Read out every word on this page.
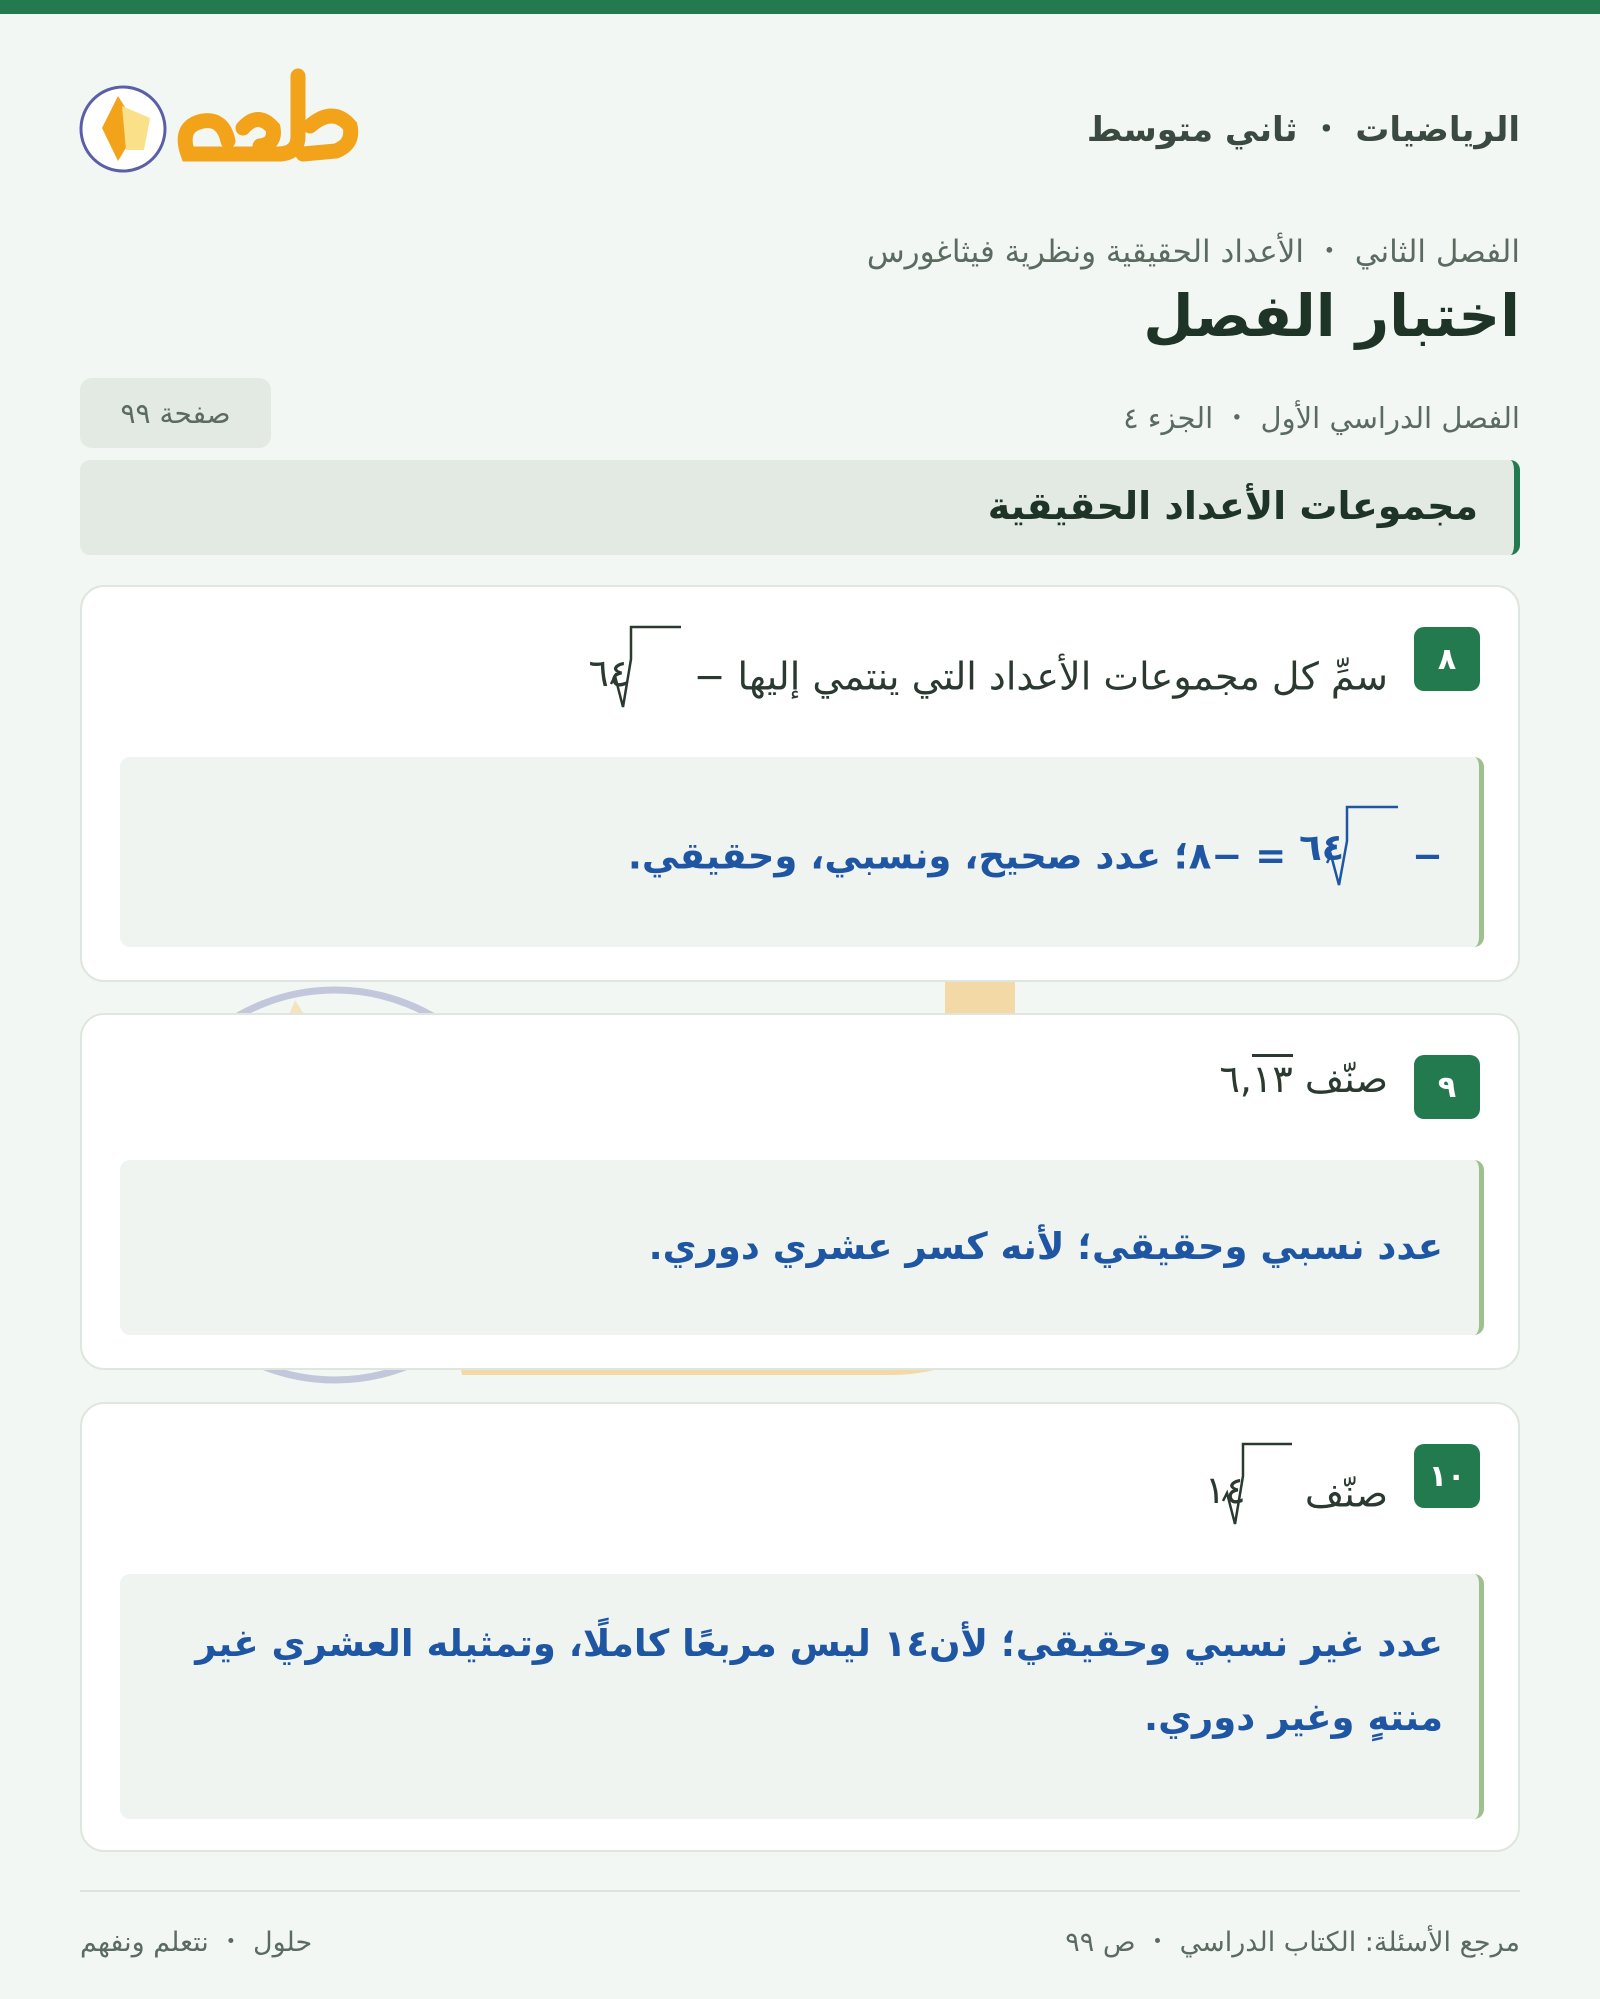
الرياضيات ・ ثاني متوسط
الفصل الثاني ・ الأعداد الحقيقية ونظرية فيثاغورس
اختبار الفصل
الفصل الدراسي الأول ・ الجزء ٤
صفحة ٩٩
مجموعات الأعداد الحقيقية
٨
سمِّ كل مجموعات الأعداد التي ينتمي إليها −
٦٤
−
٦٤
= −٨؛ عدد صحيح، ونسبي، وحقيقي.
٩
صنّف ٦,١٣
عدد نسبي وحقيقي؛ لأنه كسر عشري دوري.
١٠
صنّف
١٤
عدد غير نسبي وحقيقي؛ لأن١٤ ليس مربعًا كاملًا، وتمثيله العشري غير منتهٍ وغير دوري.
مرجع الأسئلة: الكتاب الدراسي ・ ص ٩٩
حلول ・ نتعلم ونفهم
